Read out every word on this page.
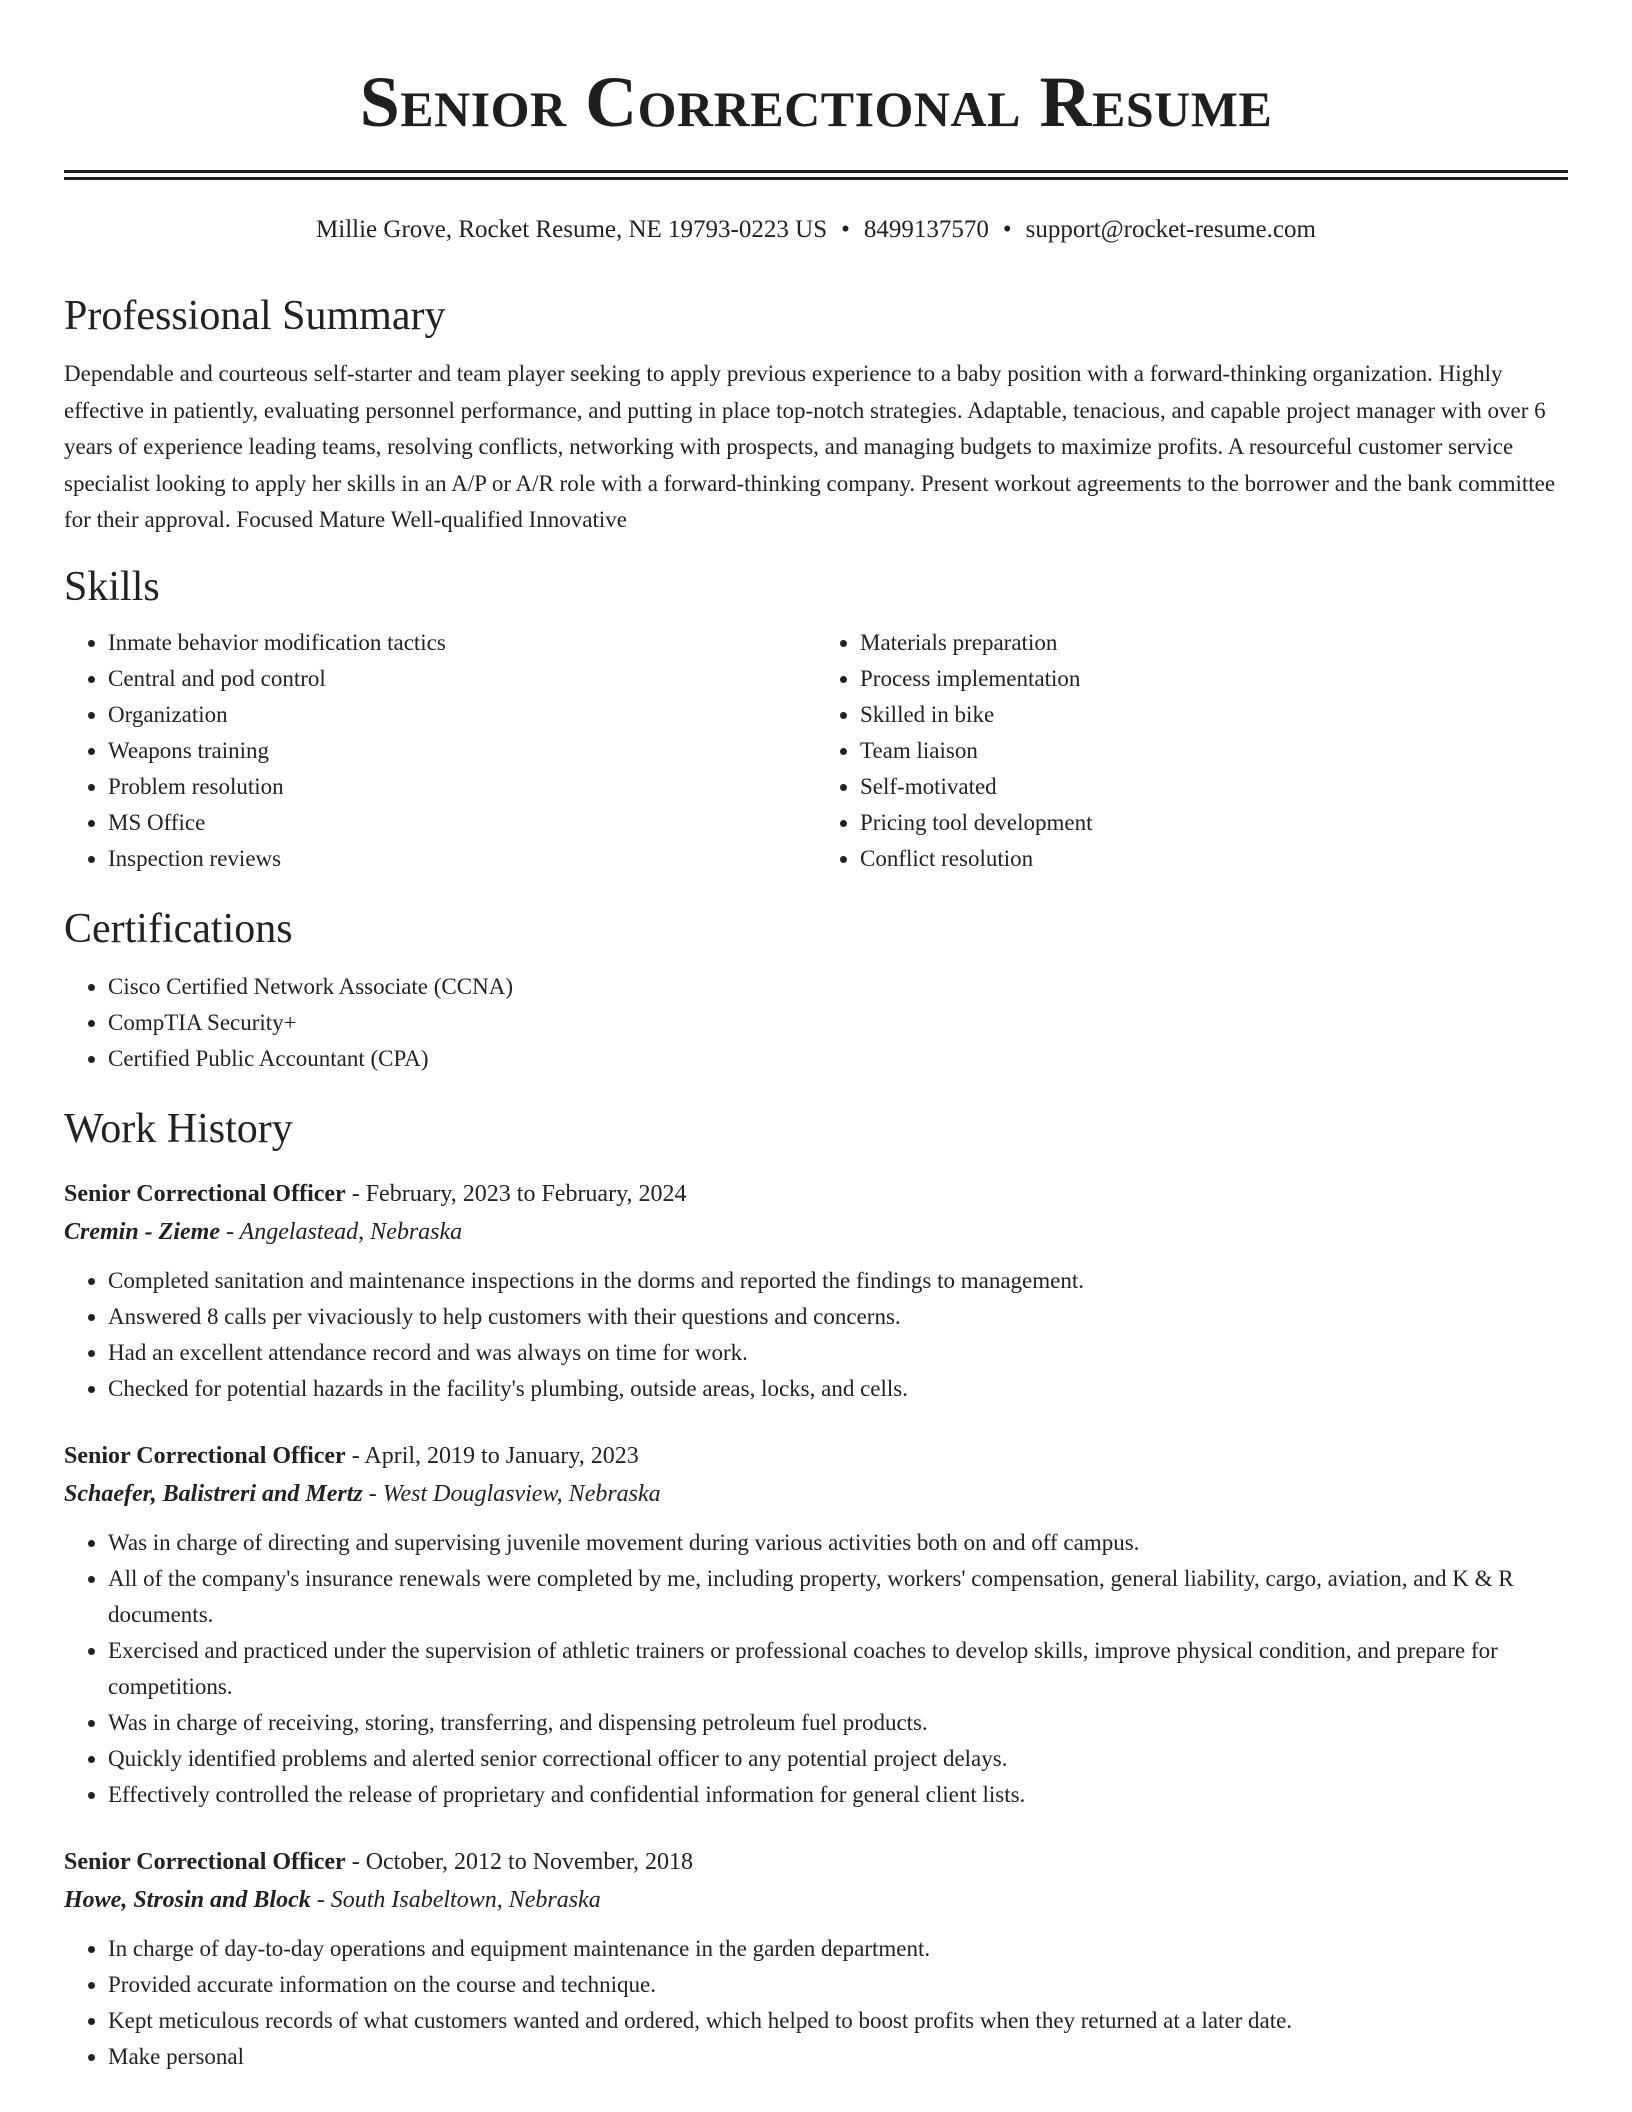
Senior Correctional Resume
Millie Grove, Rocket Resume, NE 19793-0223 US • 8499137570 • support@rocket-resume.com
Professional Summary

Dependable and courteous self-starter and team player seeking to apply previous experience to a baby position with a forward-thinking organization. Highly effective in patiently, evaluating personnel performance, and putting in place top-notch strategies. Adaptable, tenacious, and capable project manager with over 6 years of experience leading teams, resolving conflicts, networking with prospects, and managing budgets to maximize profits. A resourceful customer service specialist looking to apply her skills in an A/P or A/R role with a forward-thinking company. Present workout agreements to the borrower and the bank committee for their approval. Focused Mature Well-qualified Innovative

Skills
• Inmate behavior modification tactics
• Central and pod control
• Organization
• Weapons training
• Problem resolution
• MS Office
• Inspection reviews
• Materials preparation
• Process implementation
• Skilled in bike
• Team liaison
• Self-motivated
• Pricing tool development
• Conflict resolution
Certifications
• Cisco Certified Network Associate (CCNA)
• CompTIA Security+
• Certified Public Accountant (CPA)
Work History
Senior Correctional Officer - February, 2023 to February, 2024
Cremin - Zieme - Angelastead, Nebraska
• Completed sanitation and maintenance inspections in the dorms and reported the findings to management.
• Answered 8 calls per vivaciously to help customers with their questions and concerns.
• Had an excellent attendance record and was always on time for work.
• Checked for potential hazards in the facility's plumbing, outside areas, locks, and cells.
Senior Correctional Officer - April, 2019 to January, 2023
Schaefer, Balistreri and Mertz - West Douglasview, Nebraska
• Was in charge of directing and supervising juvenile movement during various activities both on and off campus.
• All of the company's insurance renewals were completed by me, including property, workers' compensation, general liability, cargo, aviation, and K & R documents.
• Exercised and practiced under the supervision of athletic trainers or professional coaches to develop skills, improve physical condition, and prepare for competitions.
• Was in charge of receiving, storing, transferring, and dispensing petroleum fuel products.
• Quickly identified problems and alerted senior correctional officer to any potential project delays.
• Effectively controlled the release of proprietary and confidential information for general client lists.
Senior Correctional Officer - October, 2012 to November, 2018
Howe, Strosin and Block - South Isabeltown, Nebraska
• In charge of day-to-day operations and equipment maintenance in the garden department.
• Provided accurate information on the course and technique.
• Kept meticulous records of what customers wanted and ordered, which helped to boost profits when they returned at a later date.
• Make personal
